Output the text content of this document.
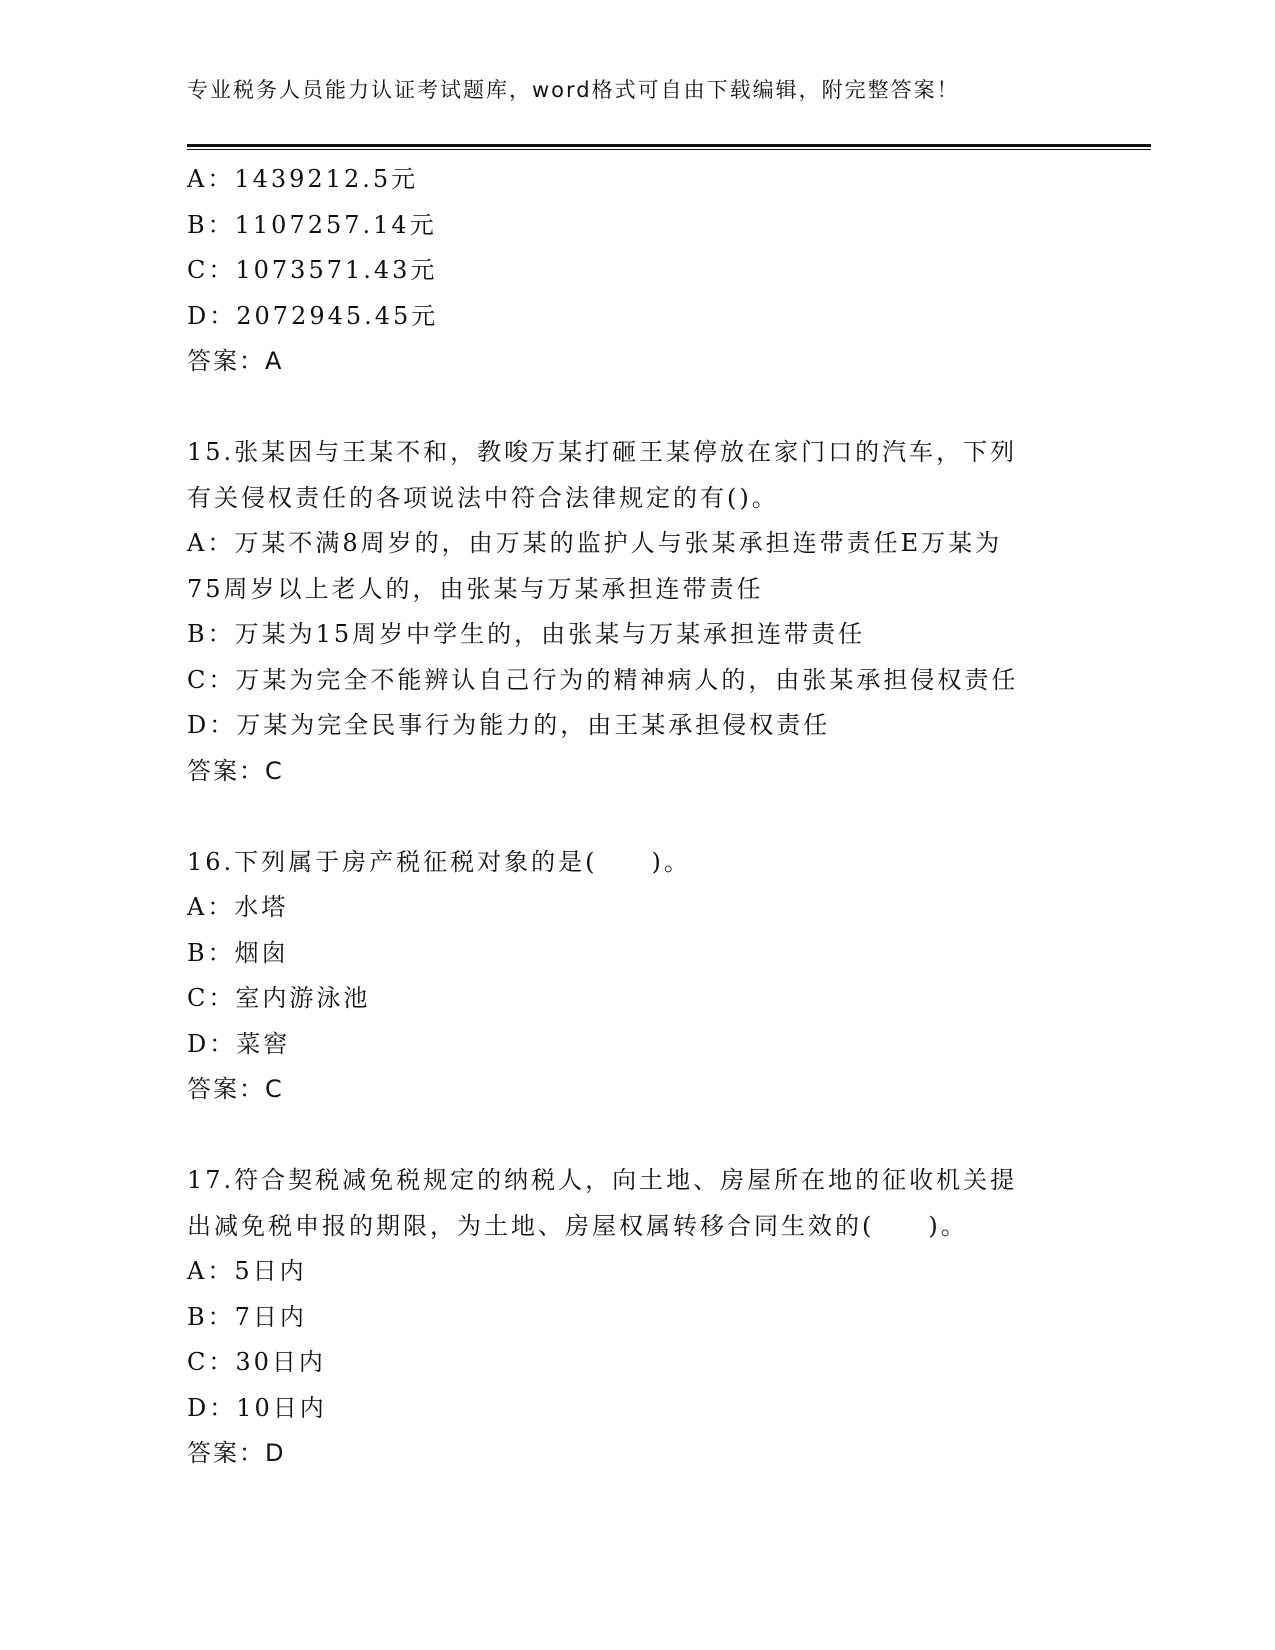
专业税务人员能力认证考试题库，word格式可自由下载编辑，附完整答案！
A：1439212.5元
B：1107257.14元
C：1073571.43元
D：2072945.45元
答案：A
15.张某因与王某不和，教唆万某打砸王某停放在家门口的汽车，下列
有关侵权责任的各项说法中符合法律规定的有()。
A：万某不满8周岁的，由万某的监护人与张某承担连带责任E万某为
75周岁以上老人的，由张某与万某承担连带责任
B：万某为15周岁中学生的，由张某与万某承担连带责任
C：万某为完全不能辨认自己行为的精神病人的，由张某承担侵权责任
D：万某为完全民事行为能力的，由王某承担侵权责任
答案：C
16.下列属于房产税征税对象的是(　　)。
A：水塔
B：烟囱
C：室内游泳池
D：菜窖
答案：C
17.符合契税减免税规定的纳税人，向土地、房屋所在地的征收机关提
出减免税申报的期限，为土地、房屋权属转移合同生效的(　　)。
A：5日内
B：7日内
C：30日内
D：10日内
答案：D
